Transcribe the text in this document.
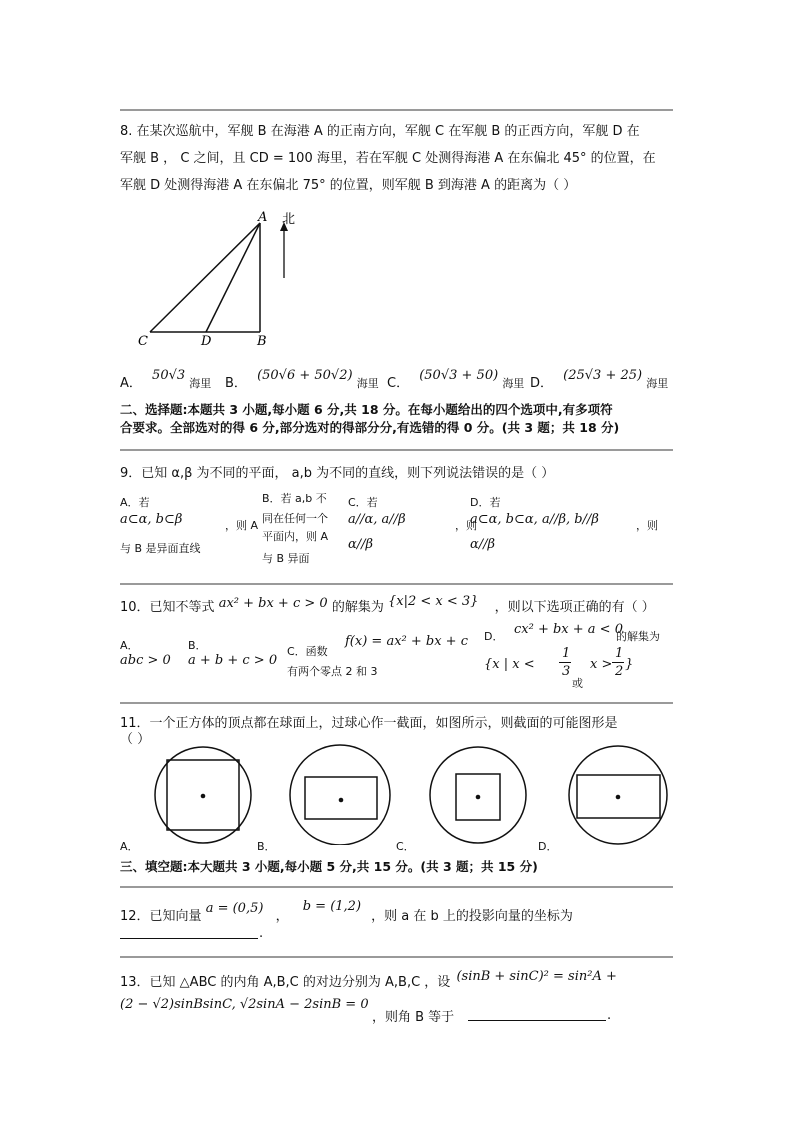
8. 在某次巡航中，军舰 B 在海港 A 的正南方向，军舰 C 在军舰 B 的正西方向，军舰 D 在
军舰 B ， C 之间，且 CD = 100 海里，若在军舰 C 处测得海港 A 在东偏北 45° 的位置，在
军舰 D 处测得海港 A 在东偏北 75° 的位置，则军舰 B 到海港 A 的距离为（ ）
A 北
C	D	B
A． 50√3 海里 B． (50√6 + 50√2) 海里 C． (50√3 + 50) 海里 D． (25√3 + 25) 海里
二、选择题:本题共 3 小题,每小题 6 分,共 18 分。在每小题给出的四个选项中,有多项符
合要求。全部选对的得 6 分,部分选对的得部分分,有选错的得 0 分。(共 3 题；共 18 分)
9．已知 α,β 为不同的平面， a,b 为不同的直线，则下列说法错误的是（ ）
A．若
a⊂α, b⊂β	，则 A
与 B 是异面直线
B．若 a,b 不
同在任何一个
平面内，则 A
与 B 异面
C．若
a//α, a//β	，则
α//β
D．若
a⊂α, b⊂α, a//β, b//β	，则
α//β
10．已知不等式 ax² + bx + c > 0 的解集为 {x|2 < x < 3} ，则以下选项正确的有（ ）
A．
abc > 0
B．
a + b + c > 0
C．函数
f(x) = ax² + bx + c
有两个零点 2 和 3
D． cx² + bx + a < 0
的解集为
{x | x <
1
3
或
x >
1
2 }
11．一个正方体的顶点都在球面上，过球心作一截面，如图所示，则截面的可能图形是
（ ）
A．	B．	C．	D．
三、填空题:本大题共 3 小题,每小题 5 分,共 15 分。(共 3 题；共 15 分)
12．已知向量 a = (0,5) ， b = (1,2) ，则 a 在 b 上的投影向量的坐标为
.
13．已知 △ABC 的内角 A,B,C 的对边分别为 A,B,C ，设 (sinB + sinC)² = sin²A +
(2 − √2)sinBsinC, √2sinA − 2sinB = 0
，则角 B 等于	.
